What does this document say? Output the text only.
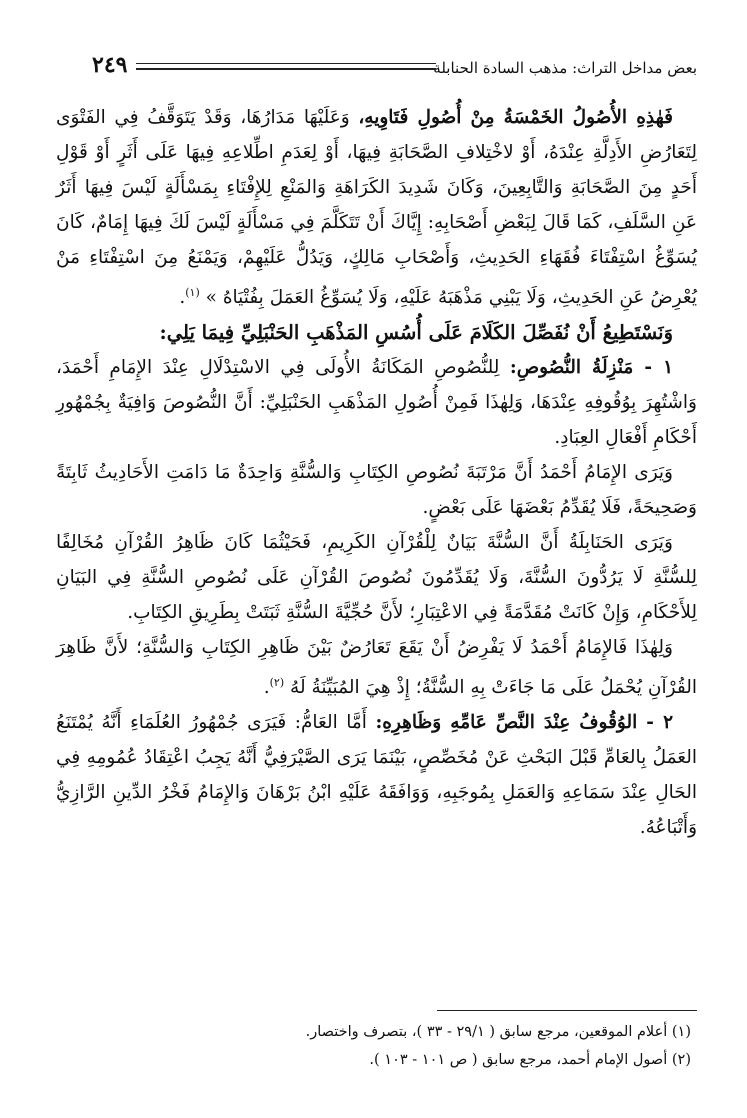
بعض مداخل التراث: مذهب السادة الحنابلة
٢٤٩

فَهٰذِهِ الأُصُولُ الخَمْسَةُ مِنْ أُصُولِ فَتَاوِيهِ، وَعَلَيْهَا مَدَارُهَا، وَقَدْ يَتَوَقَّفُ فِي الفَتْوَى لِتَعَارُضِ الأَدِلَّةِ عِنْدَهُ، أَوْ لاخْتِلافِ الصَّحَابَةِ فِيهَا، أَوْ لِعَدَمِ اطِّلاعِهِ فِيهَا عَلَى أَثَرٍ أَوْ قَوْلِ أَحَدٍ مِنَ الصَّحَابَةِ وَالتَّابِعِينَ، وَكَانَ شَدِيدَ الكَرَاهَةِ وَالمَنْعِ لِلإِفْتَاءِ بِمَسْأَلَةٍ لَيْسَ فِيهَا أَثَرٌ عَنِ السَّلَفِ، كَمَا قَالَ لِبَعْضِ أَصْحَابِهِ: إِيَّاكَ أَنْ تَتَكَلَّمَ فِي مَسْأَلَةٍ لَيْسَ لَكَ فِيهَا إِمَامٌ، كَانَ يُسَوِّغُ اسْتِفْتَاءَ فُقَهَاءِ الحَدِيثِ، وَأَصْحَابِ مَالِكٍ، وَيَدُلُّ عَلَيْهِمْ، وَيَمْنَعُ مِنَ اسْتِفْتَاءِ مَنْ يُعْرِضُ عَنِ الحَدِيثِ، وَلَا يَبْنِي مَذْهَبَهُ عَلَيْهِ، وَلَا يُسَوِّغُ العَمَلَ بِفُتْيَاهُ » $^{(١)}$.

وَنَسْتَطِيعُ أَنْ نُفَصِّلَ الكَلَامَ عَلَى أُسُسِ المَذْهَبِ الحَنْبَلِيِّ فِيمَا يَلِي:

١ - مَنْزِلَةُ النُّصُوصِ: لِلنُّصُوصِ المَكَانَةُ الأُولَى فِي الاسْتِدْلَالِ عِنْدَ الإِمَامِ أَحْمَدَ، وَاشْتُهِرَ بِوُقُوفِهِ عِنْدَهَا، وَلِهٰذَا فَمِنْ أُصُولِ المَذْهَبِ الحَنْبَلِيِّ: أَنَّ النُّصُوصَ وَافِيَةٌ بِجُمْهُورِ أَحْكَامِ أَفْعَالِ العِبَادِ.

وَيَرَى الإِمَامُ أَحْمَدُ أَنَّ مَرْتَبَةَ نُصُوصِ الكِتَابِ وَالسُّنَّةِ وَاحِدَةٌ مَا دَامَتِ الأَحَادِيثُ ثَابِتَةً وَصَحِيحَةً، فَلَا يُقَدِّمُ بَعْضَهَا عَلَى بَعْضٍ.

وَيَرَى الحَنَابِلَةُ أَنَّ السُّنَّةَ بَيَانٌ لِلْقُرْآنِ الكَرِيمِ، فَحَيْثُمَا كَانَ ظَاهِرُ القُرْآنِ مُخَالِفًا لِلسُّنَّةِ لَا يَرُدُّونَ السُّنَّةَ، وَلَا يُقَدِّمُونَ نُصُوصَ القُرْآنِ عَلَى نُصُوصِ السُّنَّةِ فِي البَيَانِ لِلأَحْكَامِ، وَإِنْ كَانَتْ مُقَدَّمَةً فِي الاعْتِبَارِ؛ لأَنَّ حُجِّيَّةَ السُّنَّةِ ثَبَتَتْ بِطَرِيقِ الكِتَابِ.

وَلِهٰذَا فَالإِمَامُ أَحْمَدُ لَا يَفْرِضُ أَنْ يَقَعَ تَعَارُضٌ بَيْنَ ظَاهِرِ الكِتَابِ وَالسُّنَّةِ؛ لأَنَّ ظَاهِرَ القُرْآنِ يُحْمَلُ عَلَى مَا جَاءَتْ بِهِ السُّنَّةُ؛ إِذْ هِيَ المُبَيِّنَةُ لَهُ $^{(٢)}$.

٢ - الوُقُوفُ عِنْدَ النَّصِّ عَامِّهِ وَظَاهِرِهِ: أَمَّا العَامُّ: فَيَرَى جُمْهُورُ العُلَمَاءِ أَنَّهُ يُمْتَنَعُ العَمَلُ بِالعَامِّ قَبْلَ البَحْثِ عَنْ مُخَصِّصٍ، بَيْنَمَا يَرَى الصَّيْرَفِيُّ أَنَّهُ يَجِبُ اعْتِقَادُ عُمُومِهِ فِي الحَالِ عِنْدَ سَمَاعِهِ وَالعَمَلِ بِمُوجَبِهِ، وَوَافَقَهُ عَلَيْهِ ابْنُ بَرْهَانَ وَالإِمَامُ فَخْرُ الدِّينِ الرَّازِيُّ وَأَتْبَاعُهُ.

(١) أعلام الموقعين، مرجع سابق ( ٢٩/١ - ٣٣ )، بتصرف واختصار.

(٢) أصول الإمام أحمد، مرجع سابق ( ص ١٠١ - ١٠٣ ).
